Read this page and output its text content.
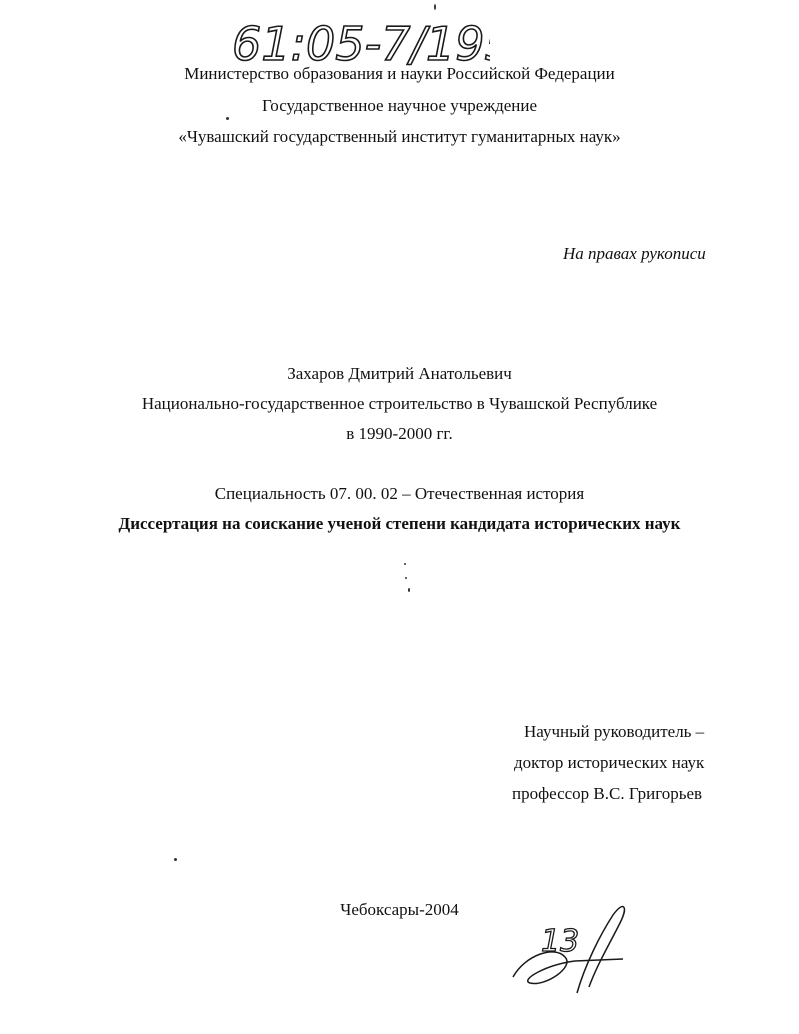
61:05-7/195
Министерство образования и науки Российской Федерации
Государственное научное учреждение
«Чувашский государственный институт гуманитарных наук»
На правах рукописи
Захаров Дмитрий Анатольевич
Национально-государственное строительство в Чувашской Республике
в 1990-2000 гг.
Специальность 07. 00. 02 – Отечественная история
Диссертация на соискание ученой степени кандидата исторических наук
Научный руководитель –
доктор исторических наук
профессор В.С. Григорьев
Чебоксары-2004
13
